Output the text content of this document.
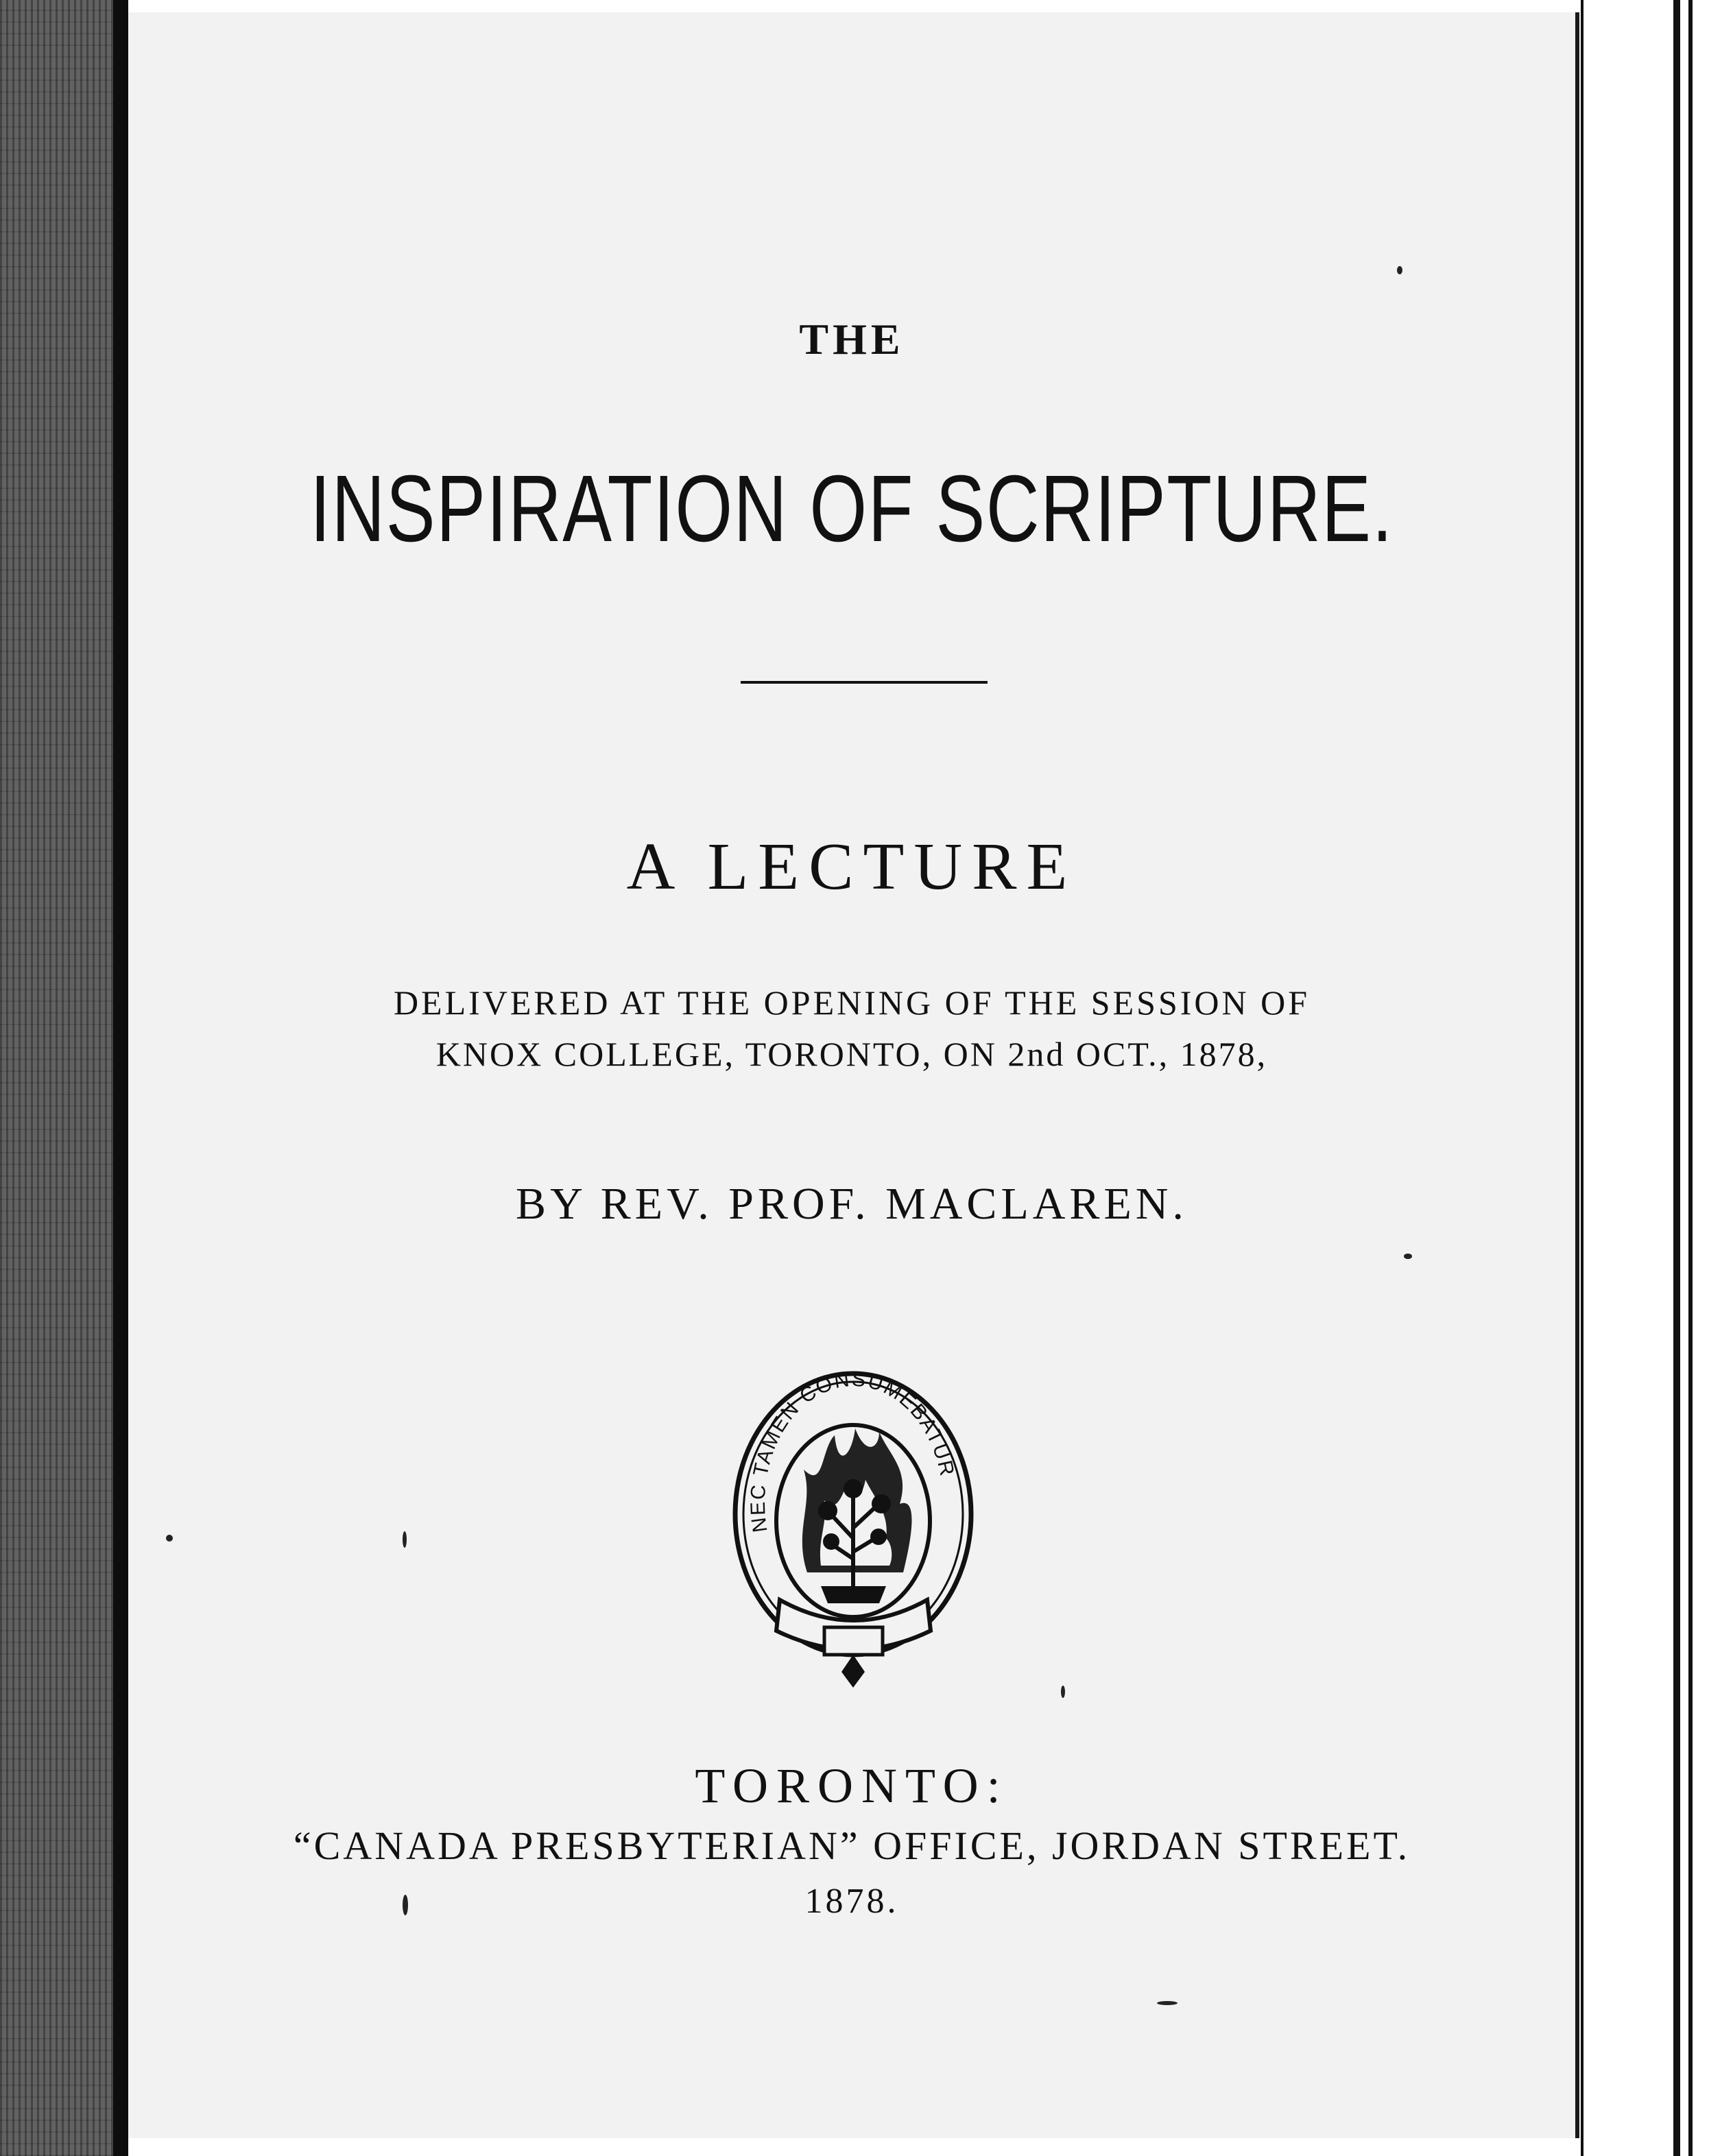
THE
INSPIRATION OF SCRIPTURE.
A LECTURE
DELIVERED AT THE OPENING OF THE SESSION OF
KNOX COLLEGE, TORONTO, ON 2nd OCT., 1878,
BY REV. PROF. MACLAREN.
NEC TAMEN CONSUMEBATUR
TORONTO:
“CANADA PRESBYTERIAN” OFFICE, JORDAN STREET.
1878.
